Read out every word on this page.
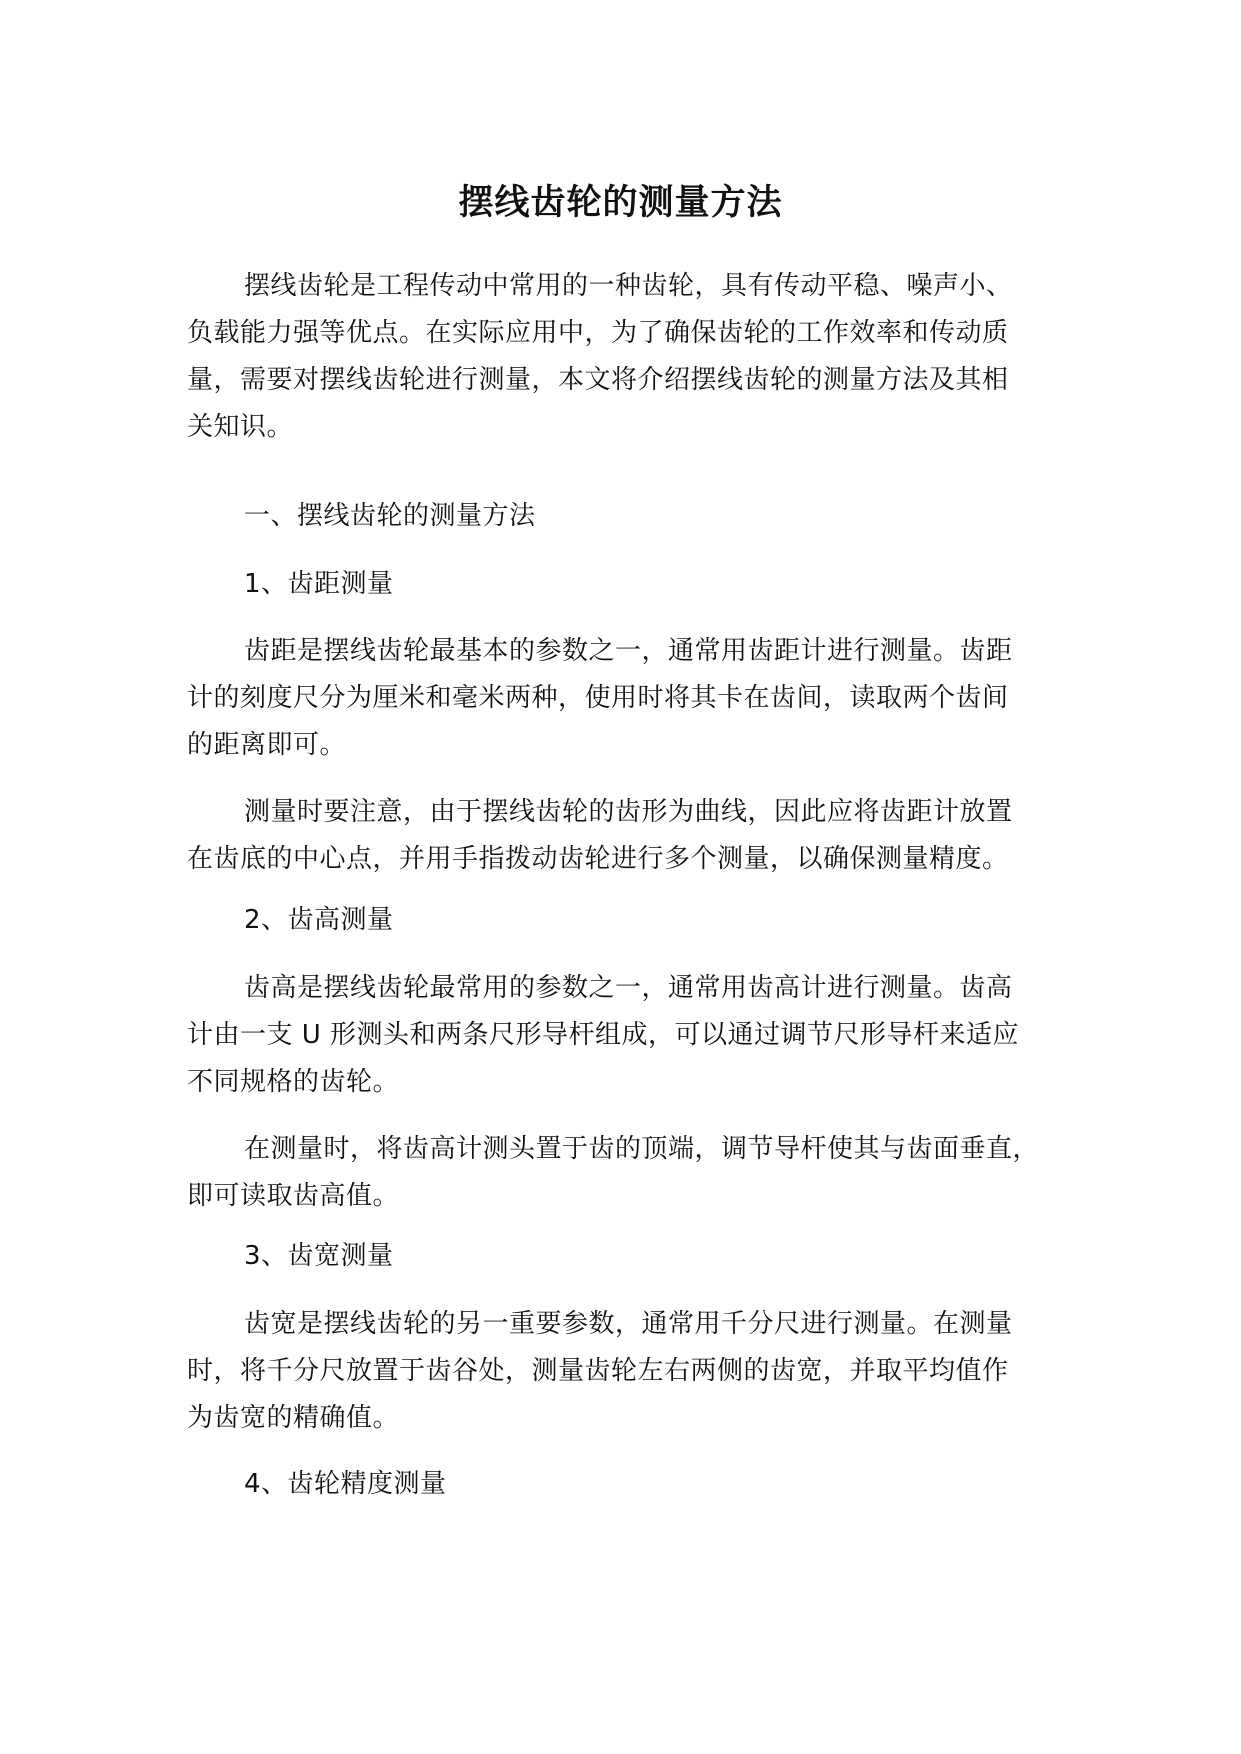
摆线齿轮的测量方法

摆线齿轮是工程传动中常用的一种齿轮，具有传动平稳、噪声小、
负载能力强等优点。在实际应用中，为了确保齿轮的工作效率和传动质
量，需要对摆线齿轮进行测量，本文将介绍摆线齿轮的测量方法及其相
关知识。

一、摆线齿轮的测量方法
1、齿距测量

齿距是摆线齿轮最基本的参数之一，通常用齿距计进行测量。齿距
计的刻度尺分为厘米和毫米两种，使用时将其卡在齿间，读取两个齿间
的距离即可。

测量时要注意，由于摆线齿轮的齿形为曲线，因此应将齿距计放置
在齿底的中心点，并用手指拨动齿轮进行多个测量，以确保测量精度。

2、齿高测量

齿高是摆线齿轮最常用的参数之一，通常用齿高计进行测量。齿高
计由一支 U 形测头和两条尺形导杆组成，可以通过调节尺形导杆来适应
不同规格的齿轮。

在测量时，将齿高计测头置于齿的顶端，调节导杆使其与齿面垂直，
即可读取齿高值。

3、齿宽测量

齿宽是摆线齿轮的另一重要参数，通常用千分尺进行测量。在测量
时，将千分尺放置于齿谷处，测量齿轮左右两侧的齿宽，并取平均值作
为齿宽的精确值。

4、齿轮精度测量
